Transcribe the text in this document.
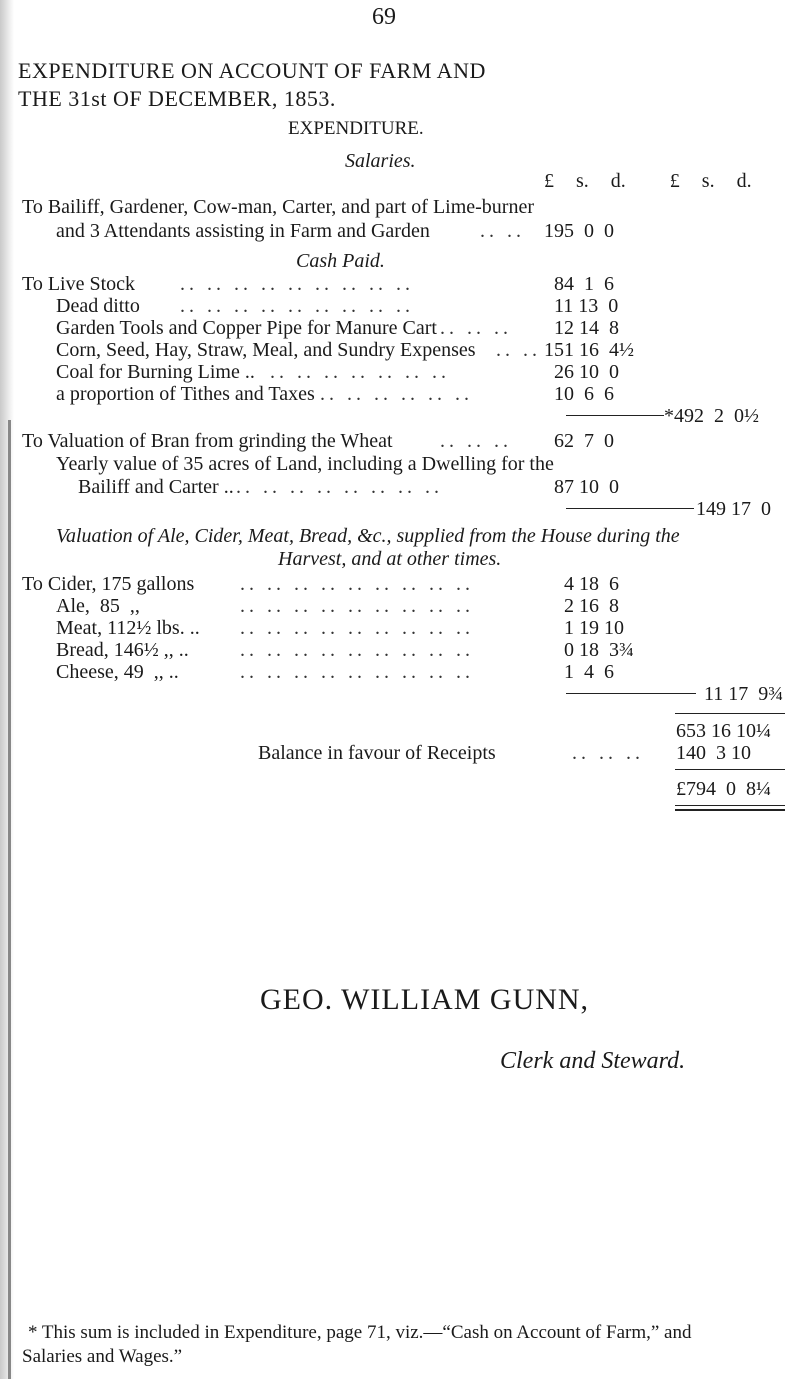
69
EXPENDITURE ON ACCOUNT OF FARM AND
THE 31st OF DECEMBER, 1853.
EXPENDITURE.
Salaries.
£  s.  d.    £  s.  d.
To Bailiff, Gardener, Cow-man, Carter, and part of Lime-burner
and 3 Attendants assisting in Farm and Garden	.. .. 195  0  0
Cash Paid.
To Live Stock .. .. .. .. .. .. .. .. ..	84  1  6
Dead ditto .. .. .. .. .. .. .. .. ..	11 13  0
Garden Tools and Copper Pipe for Manure Cart .. .. .. 12 14  8
Corn, Seed, Hay, Straw, Meal, and Sundry Expenses .. .. 151 16  4½
Coal for Burning Lime .. .. .. .. .. .. .. ..	26 10  0
a proportion of Tithes and Taxes .. .. .. .. .. ..	10  6  6
*492  2  0½
To Valuation of Bran from grinding the Wheat .. .. .. 62  7  0
Yearly value of 35 acres of Land, including a Dwelling for the
Bailiff and Carter .. .. .. .. .. .. .. .. ..	87 10  0
149 17  0
Valuation of Ale, Cider, Meat, Bread, &c., supplied from the House during the
Harvest, and at other times.
To Cider, 175 gallons .. .. .. .. .. .. .. .. ..	4 18  6
Ale,  85  ,,	.. .. .. .. .. .. .. .. ..	2 16  8
Meat, 112½ lbs. .. .. .. .. .. .. .. .. .. ..	1 19 10
Bread, 146½ ,, ..	.. .. .. .. .. .. .. .. ..	0 18  3¾
Cheese, 49  ,, ..	.. .. .. .. .. .. .. .. ..	1  4  6
11 17  9¾
653 16 10¼
Balance in favour of Receipts	.. .. .. 140  3 10
£794  0  8¼
GEO. WILLIAM GUNN,
Clerk and Steward.
* This sum is included in Expenditure, page 71, viz.—“Cash on Account of Farm,” and
Salaries and Wages.”
